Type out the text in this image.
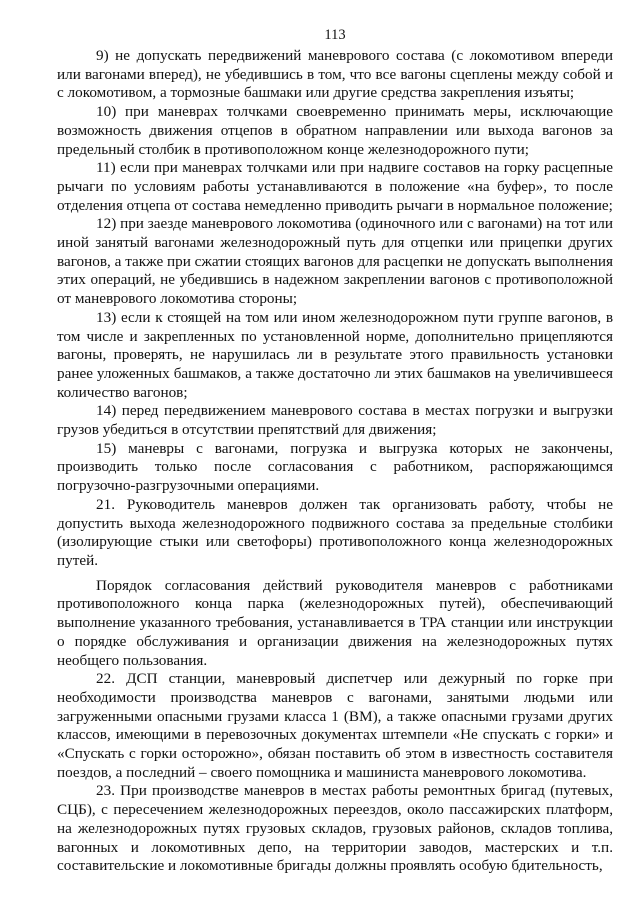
113

9) не допускать передвижений маневрового состава (с локомотивом впереди или вагонами вперед), не убедившись в том, что все вагоны сцеплены между собой и с локомотивом, а тормозные башмаки или другие средства закрепления изъяты;

10) при маневрах толчками своевременно принимать меры, исключающие возможность движения отцепов в обратном направлении или выхода вагонов за предельный столбик в противоположном конце железнодорожного пути;

11) если при маневрах толчками или при надвиге составов на горку расцепные рычаги по условиям работы устанавливаются в положение «на буфер», то после отделения отцепа от состава немедленно приводить рычаги в нормальное положение;

12) при заезде маневрового локомотива (одиночного или с вагонами) на тот или иной занятый вагонами железнодорожный путь для отцепки или прицепки других вагонов, а также при сжатии стоящих вагонов для расцепки не допускать выполнения этих операций, не убедившись в надежном закреплении вагонов с противоположной от маневрового локомотива стороны;

13) если к стоящей на том или ином железнодорожном пути группе вагонов, в том числе и закрепленных по установленной норме, дополнительно прицепляются вагоны, проверять, не нарушилась ли в результате этого правильность установки ранее уложенных башмаков, а также достаточно ли этих башмаков на увеличившееся количество вагонов;

14) перед передвижением маневрового состава в местах погрузки и выгрузки грузов убедиться в отсутствии препятствий для движения;

15) маневры с вагонами, погрузка и выгрузка которых не закончены, производить только после согласования с работником, распоряжающимся погрузочно-разгрузочными операциями.

21. Руководитель маневров должен так организовать работу, чтобы не допустить выхода железнодорожного подвижного состава за предельные столбики (изолирующие стыки или светофоры) противоположного конца железнодорожных путей.

Порядок согласования действий руководителя маневров с работниками противоположного конца парка (железнодорожных путей), обеспечивающий выполнение указанного требования, устанавливается в ТРА станции или инструкции о порядке обслуживания и организации движения на железнодорожных путях необщего пользования.

22. ДСП станции, маневровый диспетчер или дежурный по горке при необходимости производства маневров с вагонами, занятыми людьми или загруженными опасными грузами класса 1 (ВМ), а также опасными грузами других классов, имеющими в перевозочных документах штемпели «Не спускать с горки» и «Спускать с горки осторожно», обязан поставить об этом в известность составителя поездов, а последний – своего помощника и машиниста маневрового локомотива.

23. При производстве маневров в местах работы ремонтных бригад (путевых, СЦБ), с пересечением железнодорожных переездов, около пассажирских платформ, на железнодорожных путях грузовых складов, грузовых районов, складов топлива, вагонных и локомотивных депо, на территории заводов, мастерских и т.п. составительские и локомотивные бригады должны проявлять особую бдительность,
